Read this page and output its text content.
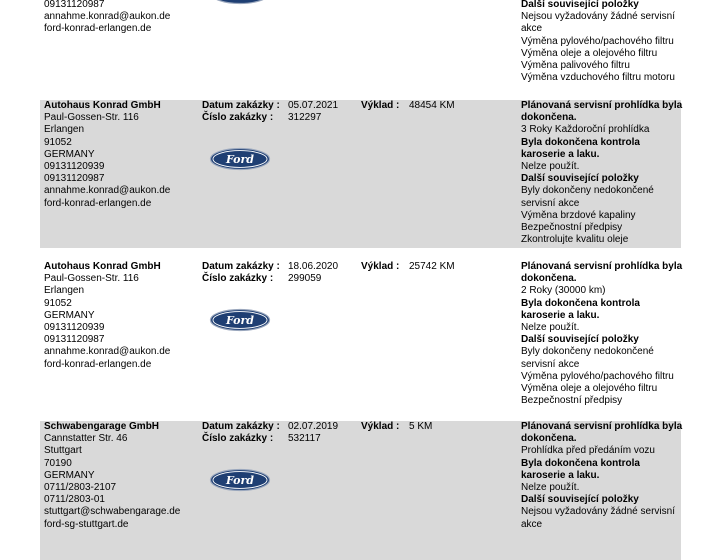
09131120987
annahme.konrad@aukon.de
ford-konrad-erlangen.de
Další související položky
Nejsou vyžadovány žádné servisní
akce
Výměna pylového/pachového filtru
Výměna oleje a olejového filtru
Výměna palivového filtru
Výměna vzduchového filtru motoru
Autohaus Konrad GmbH
Paul-Gossen-Str. 116
Erlangen
91052
GERMANY
09131120939
09131120987
annahme.konrad@aukon.de
ford-konrad-erlangen.de
Datum zakázky : 05.07.2021
Číslo zakázky : 312297
Výklad : 48454 KM
Ford
Plánovaná servisní prohlídka byla
dokončena.
3 Roky Každoroční prohlídka
Byla dokončena kontrola
karoserie a laku.
Nelze použít.
Další související položky
Byly dokončeny nedokončené
servisní akce
Výměna brzdové kapaliny
Bezpečnostní předpisy
Zkontrolujte kvalitu oleje
Autohaus Konrad GmbH
Paul-Gossen-Str. 116
Erlangen
91052
GERMANY
09131120939
09131120987
annahme.konrad@aukon.de
ford-konrad-erlangen.de
Datum zakázky : 18.06.2020
Číslo zakázky : 299059
Výklad : 25742 KM
Ford
Plánovaná servisní prohlídka byla
dokončena.
2 Roky (30000 km)
Byla dokončena kontrola
karoserie a laku.
Nelze použít.
Další související položky
Byly dokončeny nedokončené
servisní akce
Výměna pylového/pachového filtru
Výměna oleje a olejového filtru
Bezpečnostní předpisy
Schwabengarage GmbH
Cannstatter Str. 46
Stuttgart
70190
GERMANY
0711/2803-2107
0711/2803-01
stuttgart@schwabengarage.de
ford-sg-stuttgart.de
Datum zakázky : 02.07.2019
Číslo zakázky : 532117
Výklad : 5 KM
Ford
Plánovaná servisní prohlídka byla
dokončena.
Prohlídka před předáním vozu
Byla dokončena kontrola
karoserie a laku.
Nelze použít.
Další související položky
Nejsou vyžadovány žádné servisní
akce
